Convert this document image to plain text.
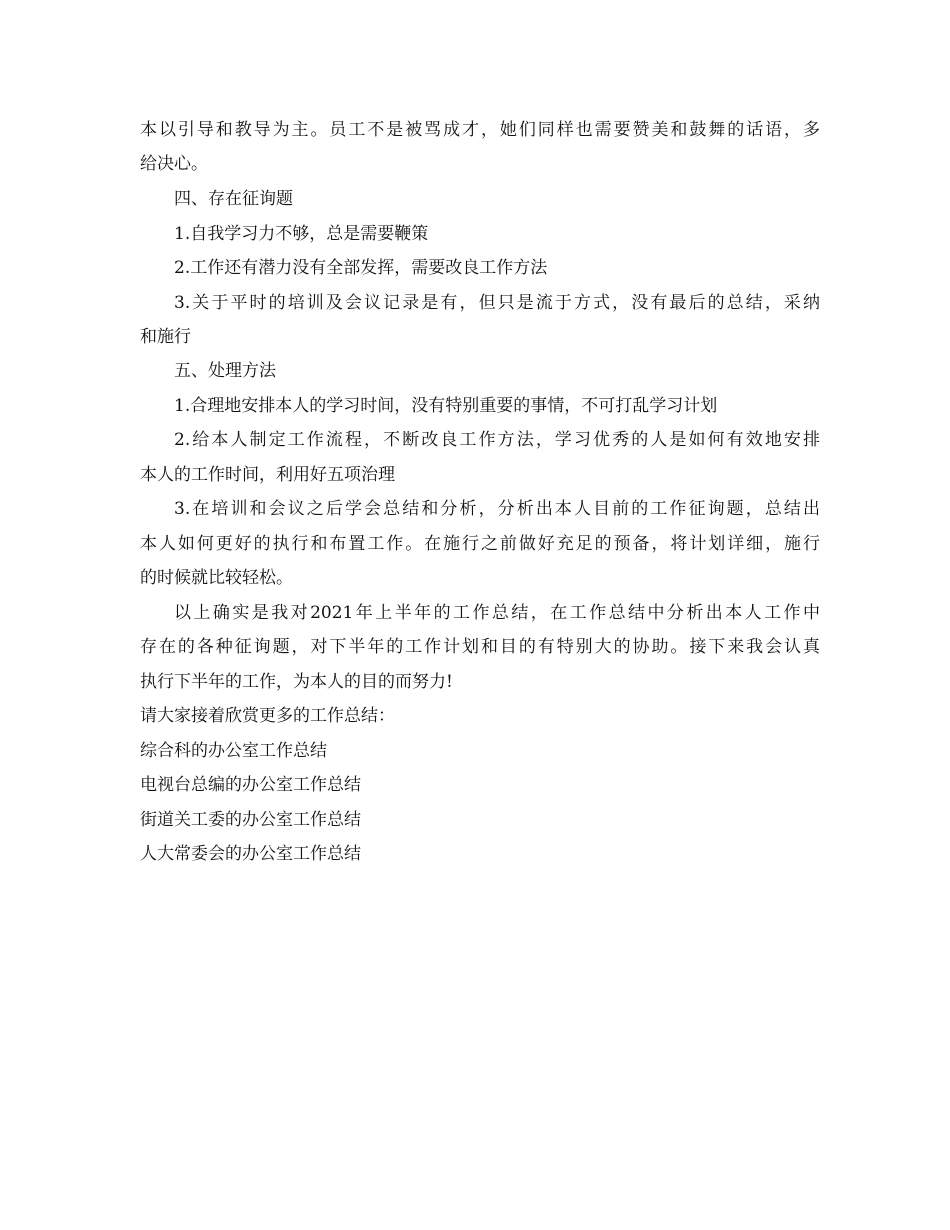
本以引导和教导为主。员工不是被骂成才，她们同样也需要赞美和鼓舞的话语，多
给决心。
四、存在征询题
1.自我学习力不够，总是需要鞭策
2.工作还有潜力没有全部发挥，需要改良工作方法
3.关于平时的培训及会议记录是有，但只是流于方式，没有最后的总结，采纳
和施行
五、处理方法
1.合理地安排本人的学习时间，没有特别重要的事情，不可打乱学习计划
2.给本人制定工作流程，不断改良工作方法，学习优秀的人是如何有效地安排
本人的工作时间，利用好五项治理
3.在培训和会议之后学会总结和分析，分析出本人目前的工作征询题，总结出
本人如何更好的执行和布置工作。在施行之前做好充足的预备，将计划详细，施行
的时候就比较轻松。
以上确实是我对2021年上半年的工作总结，在工作总结中分析出本人工作中
存在的各种征询题，对下半年的工作计划和目的有特别大的协助。接下来我会认真
执行下半年的工作，为本人的目的而努力!
请大家接着欣赏更多的工作总结：
综合科的办公室工作总结
电视台总编的办公室工作总结
街道关工委的办公室工作总结
人大常委会的办公室工作总结
